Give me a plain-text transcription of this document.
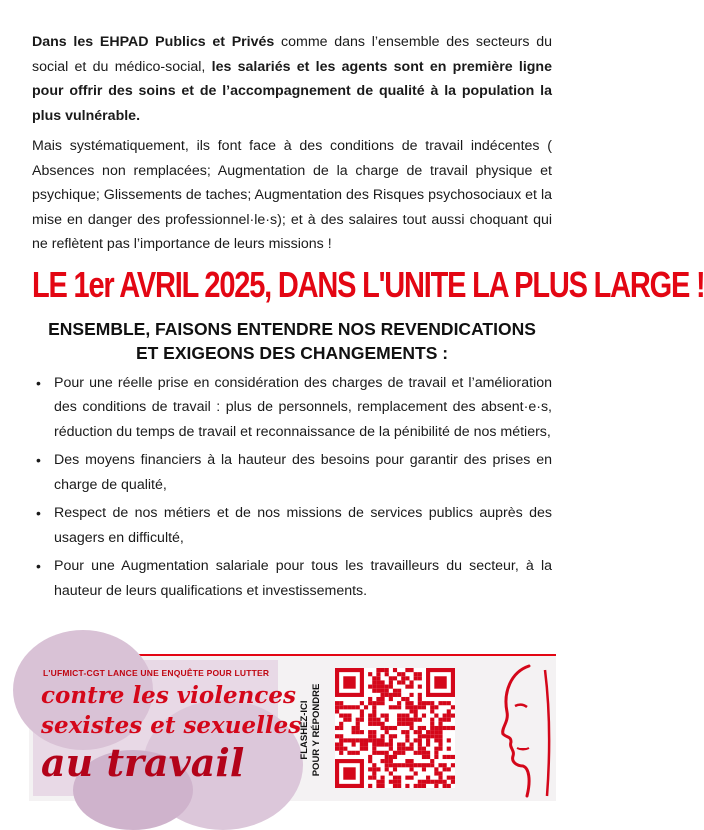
Dans les EHPAD Publics et Privés comme dans l’ensemble des secteurs du social et du médico-social, les salariés et les agents sont en première ligne pour offrir des soins et de l’accompagnement de qualité à la population la plus vulnérable.

Mais systématiquement, ils font face à des conditions de travail indécentes ( Absences non remplacées; Augmentation de la charge de travail physique et psychique; Glissements de taches; Augmentation des Risques psychosociaux et la mise en danger des professionnel·le·s); et à des salaires tout aussi choquant qui ne reflètent pas l’importance de leurs missions !

LE 1er AVRIL 2025, DANS L'UNITE LA PLUS LARGE !
ENSEMBLE, FAISONS ENTENDRE NOS REVENDICATIONS
ET EXIGEONS DES CHANGEMENTS :
• Pour une réelle prise en considération des charges de travail et l’amélioration des conditions de travail : plus de personnels, remplacement des absent·e·s, réduction du temps de travail et reconnaissance de la pénibilité de nos métiers,
• Des moyens financiers à la hauteur des besoins pour garantir des prises en charge de qualité,
• Respect de nos métiers et de nos missions de services publics auprès des usagers en difficulté,
• Pour une Augmentation salariale pour tous les travailleurs du secteur, à la hauteur de leurs qualifications et investissements.
L'UFMICT-CGT LANCE UNE ENQUÊTE POUR LUTTER
contre les violences
sexistes et sexuelles
au travail
FLASHEZ-ICI POUR Y RÉPONDRE
